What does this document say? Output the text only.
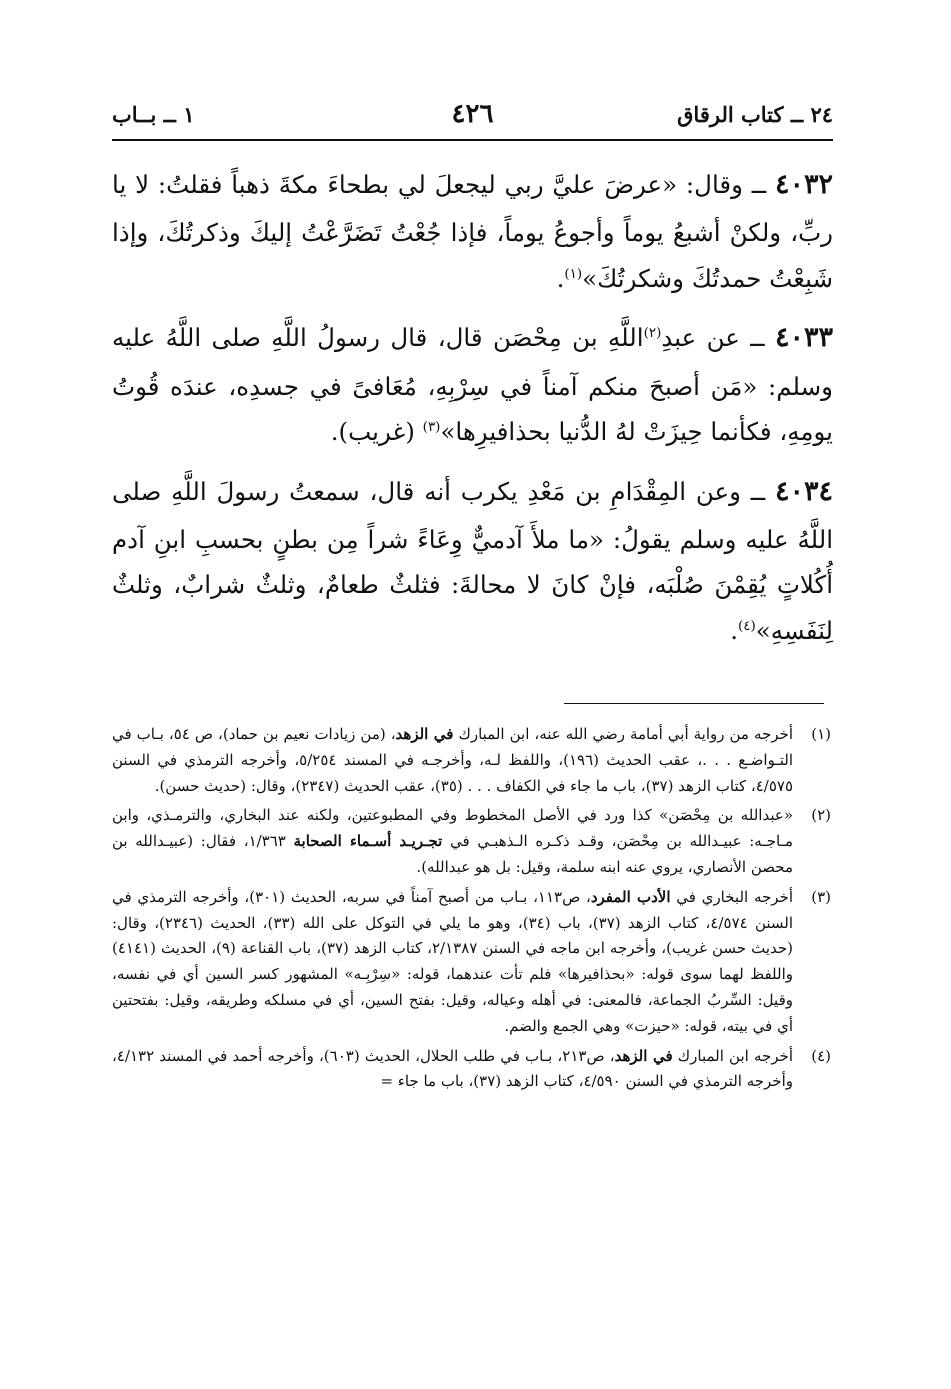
٢٤ ــ كتاب الرقاق
٤٢٦
١ ــ بــاب

٤٠٣٢ ــ وقال: «عرضَ عليَّ ربي ليجعلَ لي بطحاءَ مكةَ ذهباً فقلتُ: لا يا ربِّ، ولكنْ أشبعُ يوماً وأجوعُ يوماً، فإذا جُعْتُ تَضَرَّعْتُ إليكَ وذكرتُكَ، وإذا شَبِعْتُ حمدتُكَ وشكرتُكَ»$^{(١)}$.

٤٠٣٣ ــ عن عبدِ$^{(٢)}$اللَّهِ بن مِحْصَن قال، قال رسولُ اللَّهِ صلى اللَّهُ عليه وسلم: «مَن أصبحَ منكم آمناً في سِرْبِهِ، مُعَافىً في جسدِه، عندَه قُوتُ يومِهِ، فكأنما حِيزَتْ لهُ الدُّنيا بحذافيرِها»$^{(٣)}$ (غريب).

٤٠٣٤ ــ وعن المِقْدَامِ بن مَعْدِ يكرب أنه قال، سمعتُ رسولَ اللَّهِ صلى اللَّهُ عليه وسلم يقولُ: «ما ملأَ آدميٌّ وِعَاءً شراً مِن بطنٍ بحسبِ ابنِ آدم أُكُلاتٍ يُقِمْنَ صُلْبَه، فإنْ كانَ لا محالةَ: فثلثٌ طعامٌ، وثلثٌ شرابٌ، وثلثٌ لِنَفَسِهِ»$^{(٤)}$.

(١)
أخرجه من رواية أبي أمامة رضي الله عنه، ابن المبارك في الزهد، (من زيادات نعيم بن حماد)، ص ٥٤، بـاب في التـواضـع . . .، عقب الحديث (١٩٦)، واللفظ لـه، وأخرجـه في المسند ٥/٢٥٤، وأخرجه الترمذي في السنن ٤/٥٧٥، كتاب الزهد (٣٧)، باب ما جاء في الكفاف . . . (٣٥)، عقب الحديث (٢٣٤٧)، وقال: (حديث حسن).
(٢)
«عبدالله بن مِحْصَن» كذا ورد في الأصل المخطوط وفي المطبوعتين، ولكنه عند البخاري، والترمـذي، وابن مـاجـه: عبيـدالله بن مِحْصَن، وقـد ذكـره الـذهبـي في تجـريـد أسـماء الصحابة ١/٣٦٣، فقال: (عبيـدالله بن محصن الأنصاري، يروي عنه ابنه سلمة، وقيل: بل هو عبدالله).
(٣)
أخرجه البخاري في الأدب المفرد، ص١١٣، بـاب من أصبح آمناً في سربه، الحديث (٣٠١)، وأخرجه الترمذي في السنن ٤/٥٧٤، كتاب الزهد (٣٧)، باب (٣٤)، وهو ما يلي في التوكل على الله (٣٣)، الحديث (٢٣٤٦)، وقال: (حديث حسن غريب)، وأخرجه ابن ماجه في السنن ٢/١٣٨٧، كتاب الزهد (٣٧)، باب القناعة (٩)، الحديث (٤١٤١) واللفظ لهما سوى قوله: «بحذافيرها» فلم تأت عندهما، قوله: «سِرْبِـه» المشهور كسر السين أي في نفسه، وقيل: السِّربُ الجماعة، فالمعنى: في أهله وعياله، وقيل: بفتح السين، أي في مسلكه وطريقه، وقيل: بفتحتين أي في بيته، قوله: «حيزت» وهي الجمع والضم.
(٤)
أخرجه ابن المبارك في الزهد، ص٢١٣، بـاب في طلب الحلال، الحديث (٦٠٣)، وأخرجه أحمد في المسند ٤/١٣٢، وأخرجه الترمذي في السنن ٤/٥٩٠، كتاب الزهد (٣٧)، باب ما جاء =
